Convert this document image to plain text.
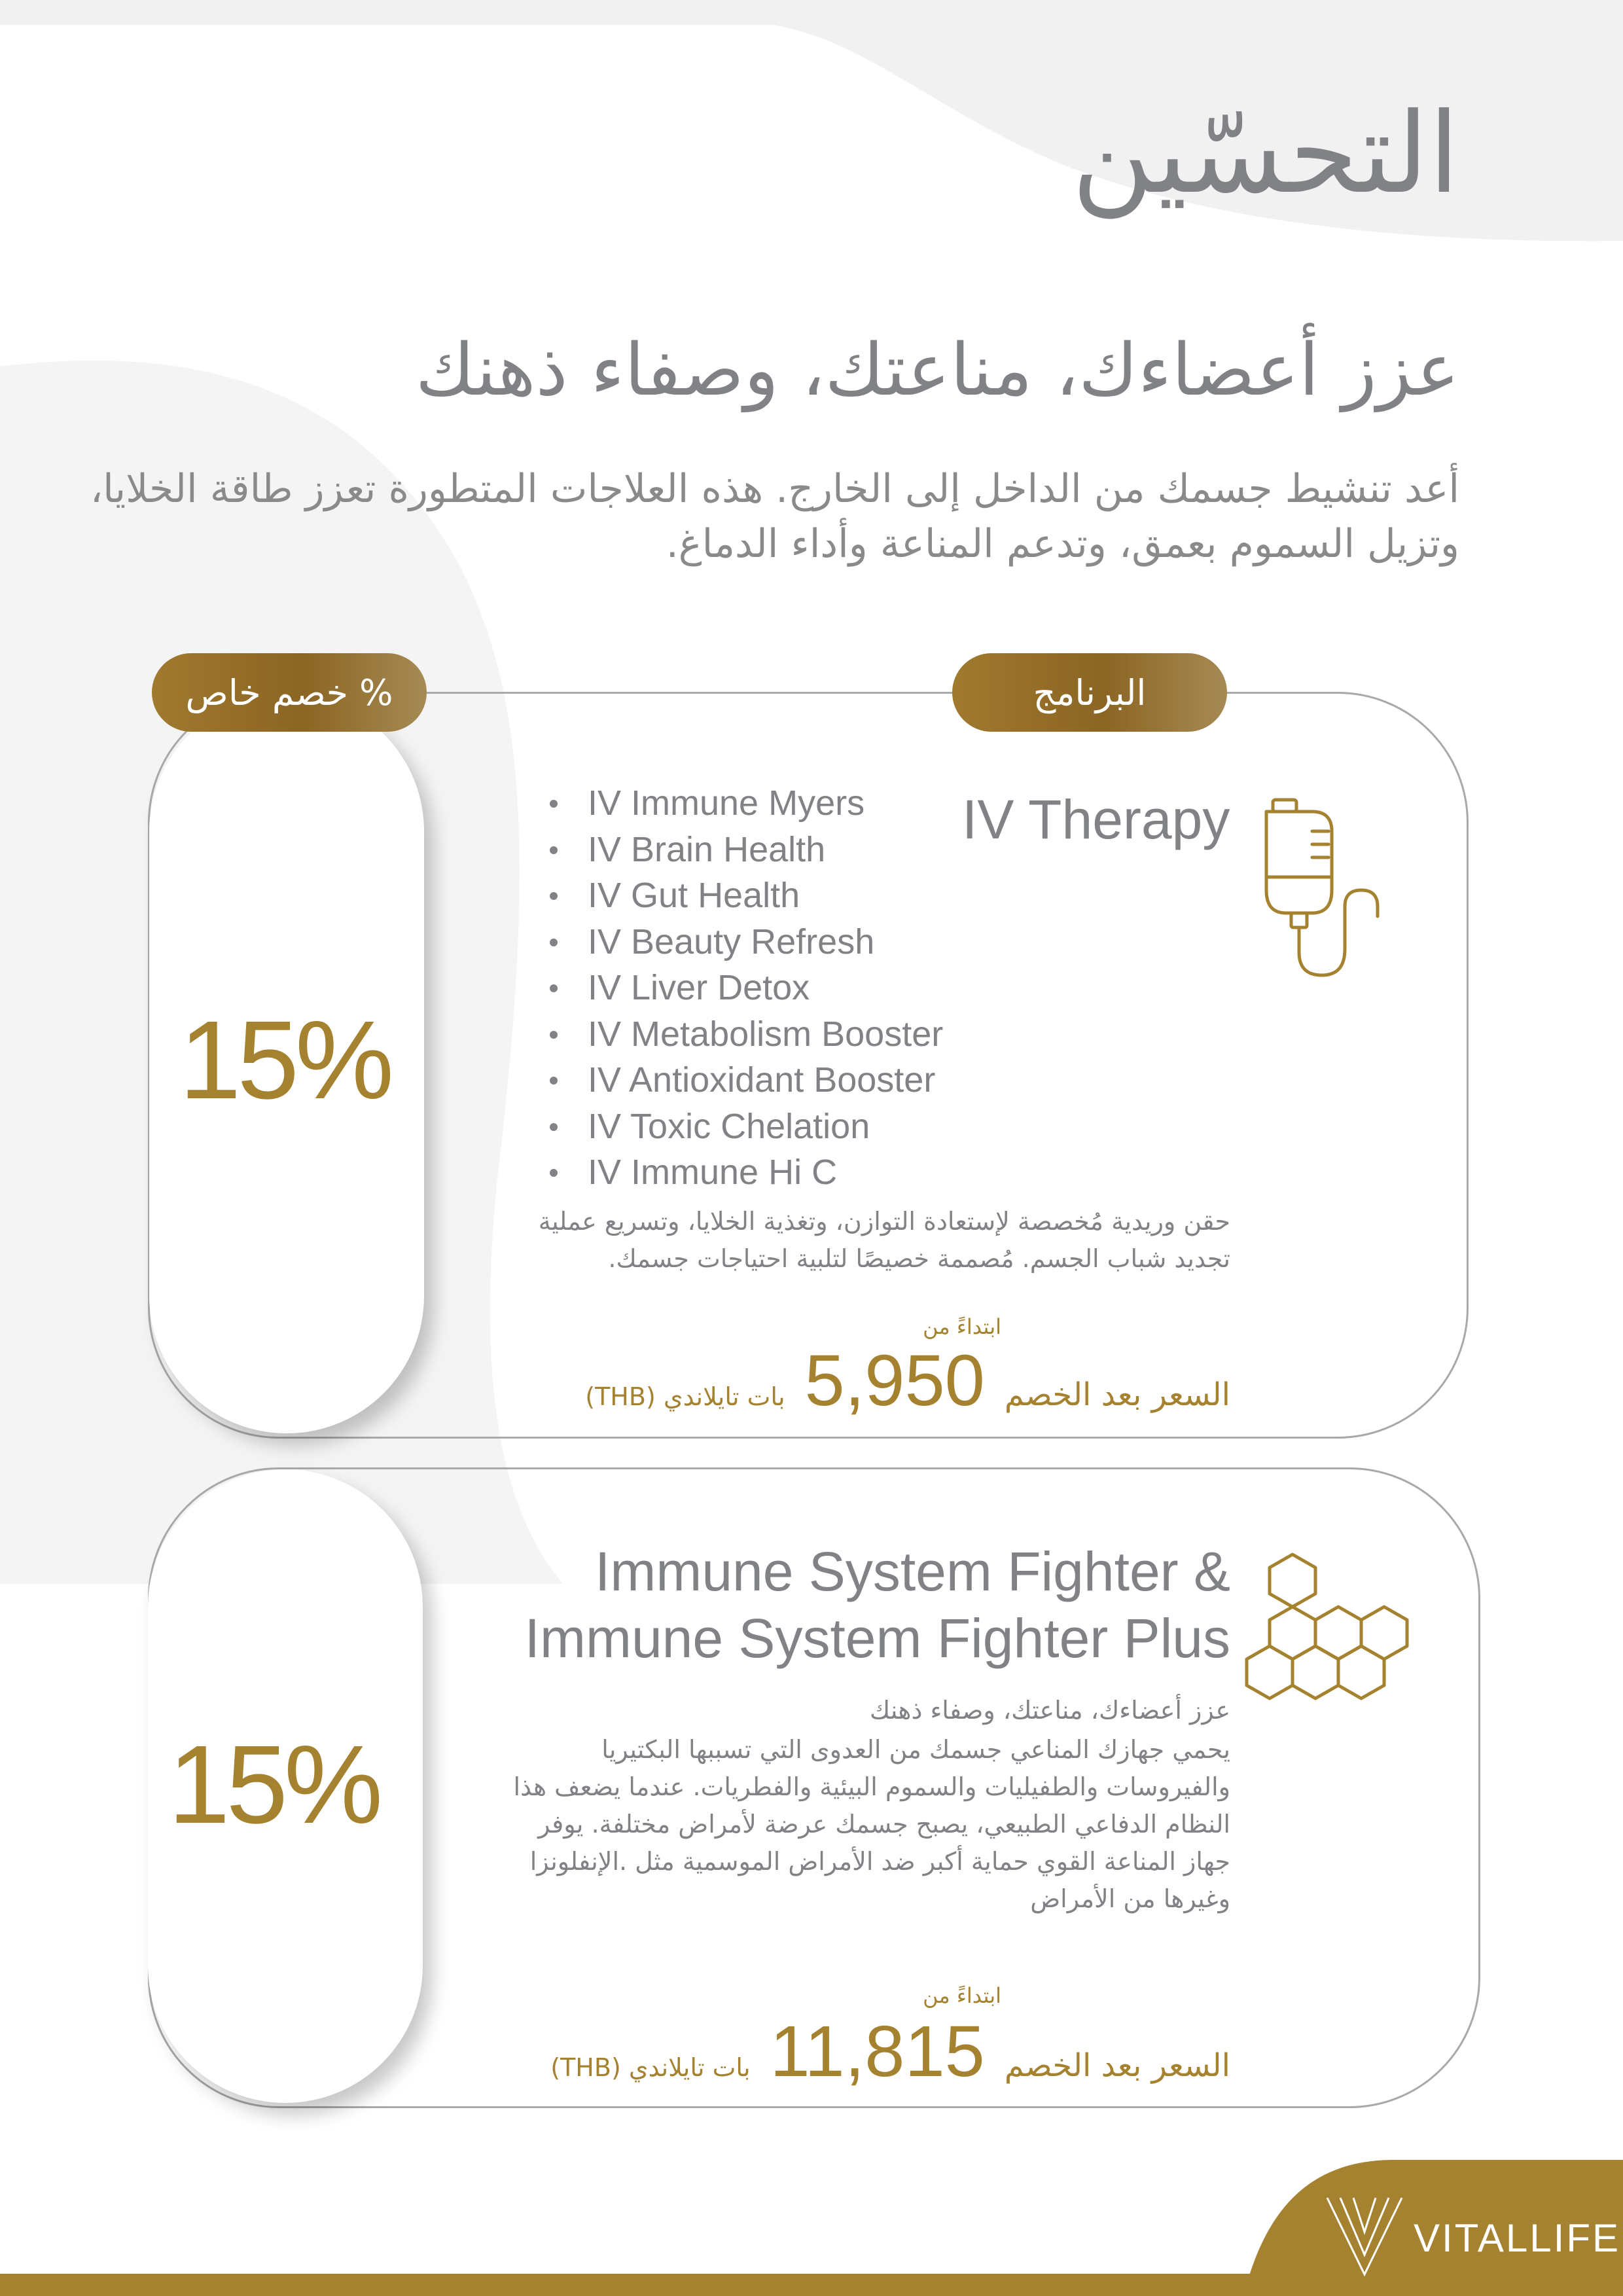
التحسّين
عزز أعضاءك، مناعتك، وصفاء ذهنك
أعد تنشيط جسمك من الداخل إلى الخارج. هذه العلاجات المتطورة تعزز طاقة الخلايا، وتزيل السموم بعمق، وتدعم المناعة وأداء الدماغ.
15%
خصم خاص %	البرنامج
IV Therapy
IV Immune Myers
IV Brain Health
IV Gut Health
IV Beauty Refresh
IV Liver Detox
IV Metabolism Booster
IV Antioxidant Booster
IV Toxic Chelation
IV Immune Hi C
حقن وريدية مُخصصة لإستعادة التوازن، وتغذية الخلايا، وتسريع عملية تجديد شباب الجسم. مُصممة خصيصًا لتلبية احتياجات جسمك.
ابتداءً من
السعر بعد الخصم
5,950
بات تايلاندي (THB)
15%
Immune System Fighter &
Immune System Fighter Plus
عزز أعضاءك، مناعتك، وصفاء ذهنك
يحمي جهازك المناعي جسمك من العدوى التي تسببها البكتيريا والفيروسات والطفيليات والسموم البيئية والفطريات. عندما يضعف هذا النظام الدفاعي الطبيعي، يصبح جسمك عرضة لأمراض مختلفة. يوفر جهاز المناعة القوي حماية أكبر ضد الأمراض الموسمية مثل .الإنفلونزا وغيرها من الأمراض
ابتداءً من
السعر بعد الخصم
11,815
بات تايلاندي (THB)
VITALLIFE
